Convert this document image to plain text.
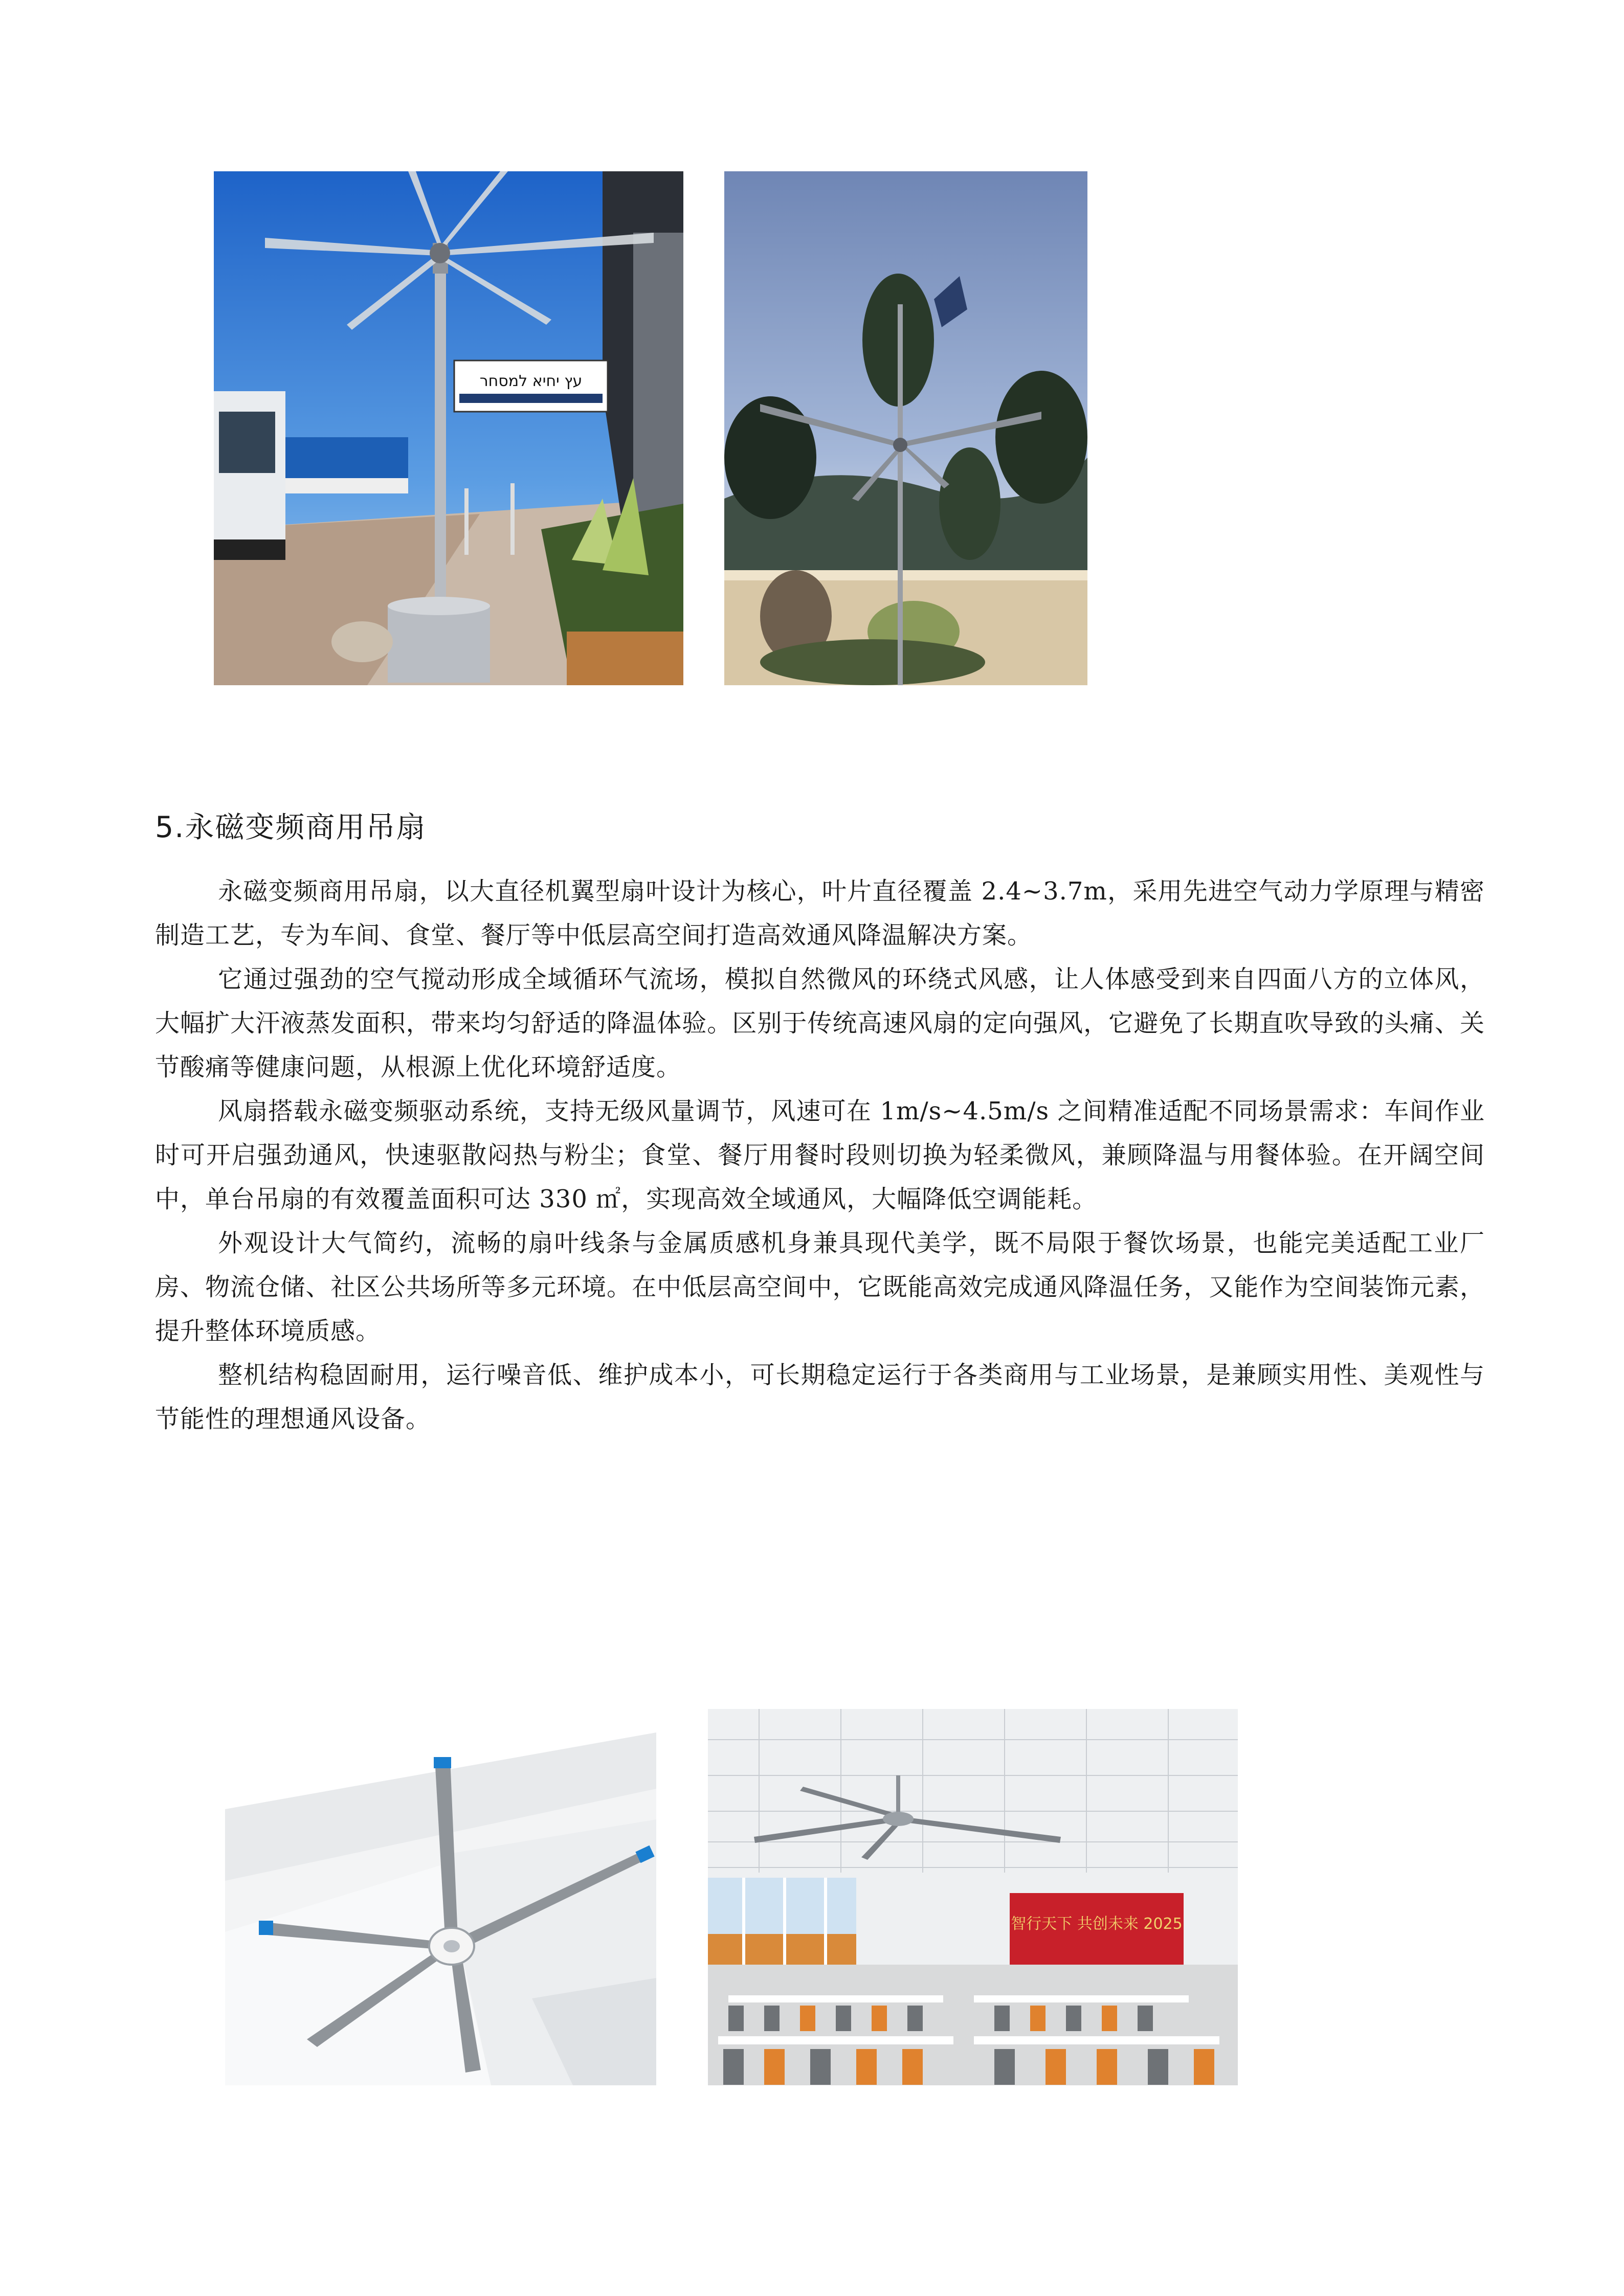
עץ יחיא למסחר
5.永磁变频商用吊扇

永磁变频商用吊扇，以大直径机翼型扇叶设计为核心，叶片直径覆盖 2.4~3.7m，采用先进空气动力学原理与精密制造工艺，专为车间、食堂、餐厅等中低层高空间打造高效通风降温解决方案。

它通过强劲的空气搅动形成全域循环气流场，模拟自然微风的环绕式风感，让人体感受到来自四面八方的立体风，大幅扩大汗液蒸发面积，带来均匀舒适的降温体验。区别于传统高速风扇的定向强风，它避免了长期直吹导致的头痛、关节酸痛等健康问题，从根源上优化环境舒适度。

风扇搭载永磁变频驱动系统，支持无级风量调节，风速可在 1m/s~4.5m/s 之间精准适配不同场景需求：车间作业时可开启强劲通风，快速驱散闷热与粉尘；食堂、餐厅用餐时段则切换为轻柔微风，兼顾降温与用餐体验。在开阔空间中，单台吊扇的有效覆盖面积可达 330 ㎡，实现高效全域通风，大幅降低空调能耗。

外观设计大气简约，流畅的扇叶线条与金属质感机身兼具现代美学，既不局限于餐饮场景，也能完美适配工业厂房、物流仓储、社区公共场所等多元环境。在中低层高空间中，它既能高效完成通风降温任务，又能作为空间装饰元素，提升整体环境质感。

整机结构稳固耐用，运行噪音低、维护成本小，可长期稳定运行于各类商用与工业场景，是兼顾实用性、美观性与节能性的理想通风设备。

智行天下 共创未来 2025
